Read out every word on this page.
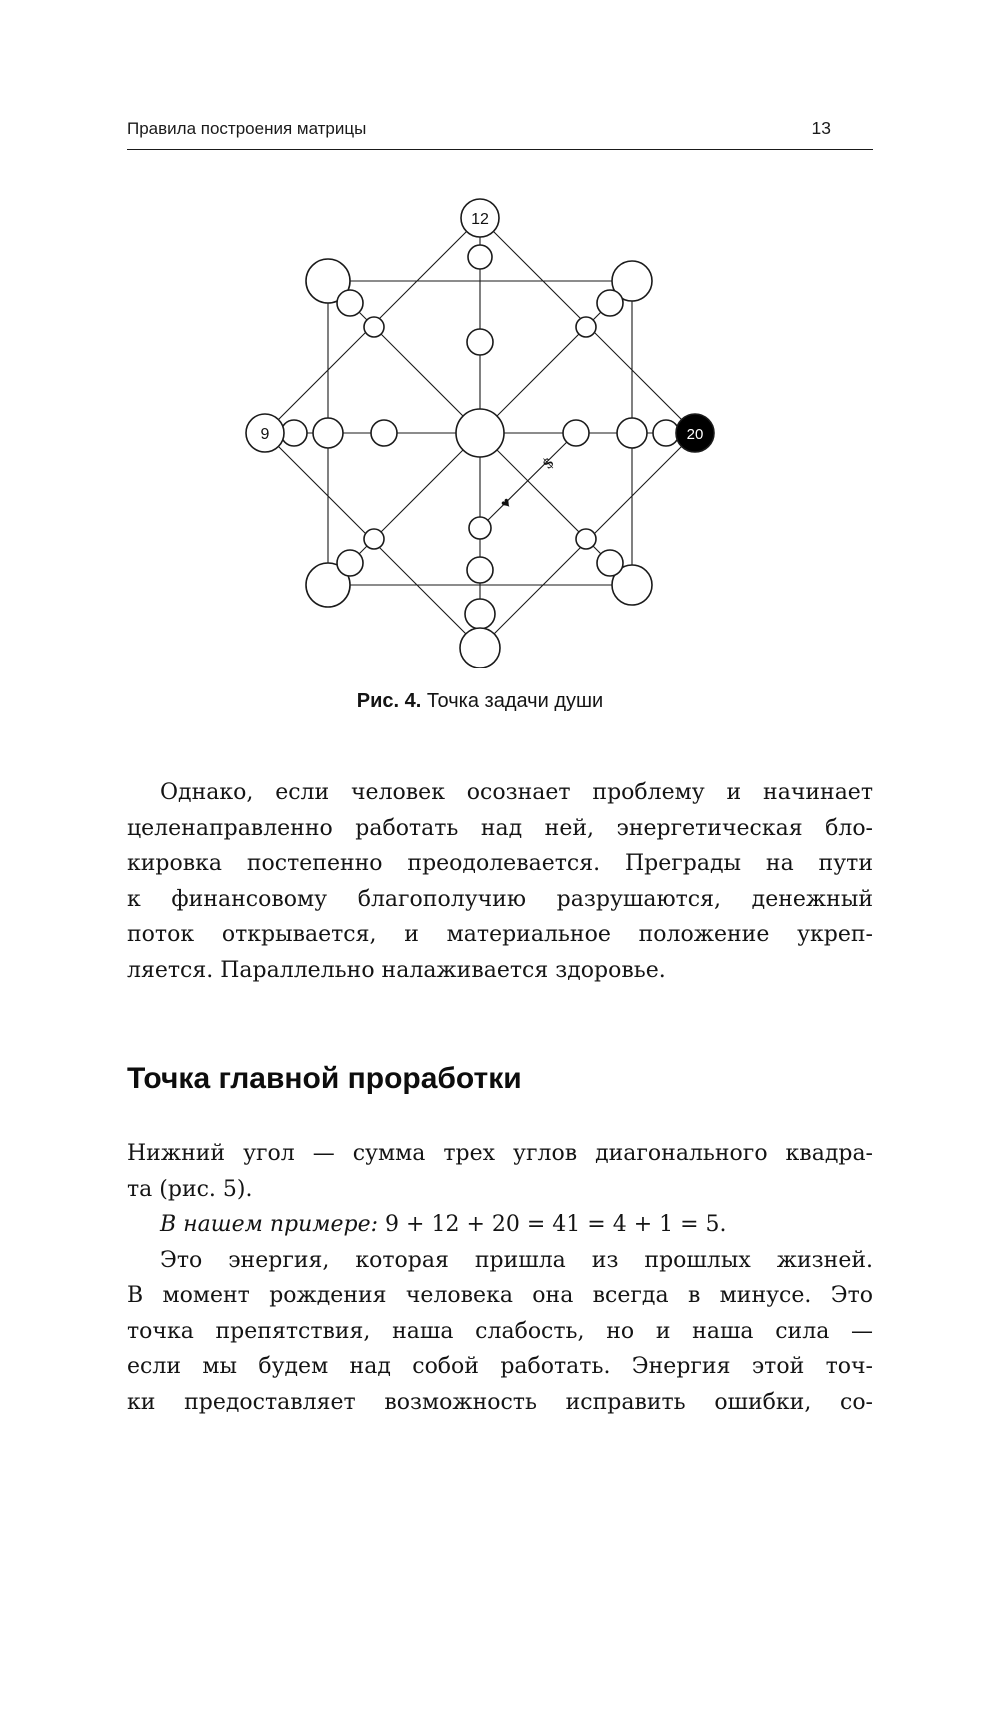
Правила построения матрицы	13
12
9	20
♥
$
Рис. 4. Точка задачи души
Однако, если человек осознает проблему и начинает
целенаправленно работать над ней, энергетическая бло-
кировка постепенно преодолевается. Преграды на пути
к финансовому благополучию разрушаются, денежный
поток открывается, и материальное положение укреп-
ляется. Параллельно налаживается здоровье.
Точка главной проработки
Нижний угол — сумма трех углов диагонального квадра-
та (рис. 5).
В нашем примере: 9 + 12 + 20 = 41 = 4 + 1 = 5.
Это энергия, которая пришла из прошлых жизней.
В момент рождения человека она всегда в минусе. Это
точка препятствия, наша слабость, но и наша сила —
если мы будем над собой работать. Энергия этой точ-
ки предоставляет возможность исправить ошибки, со-
